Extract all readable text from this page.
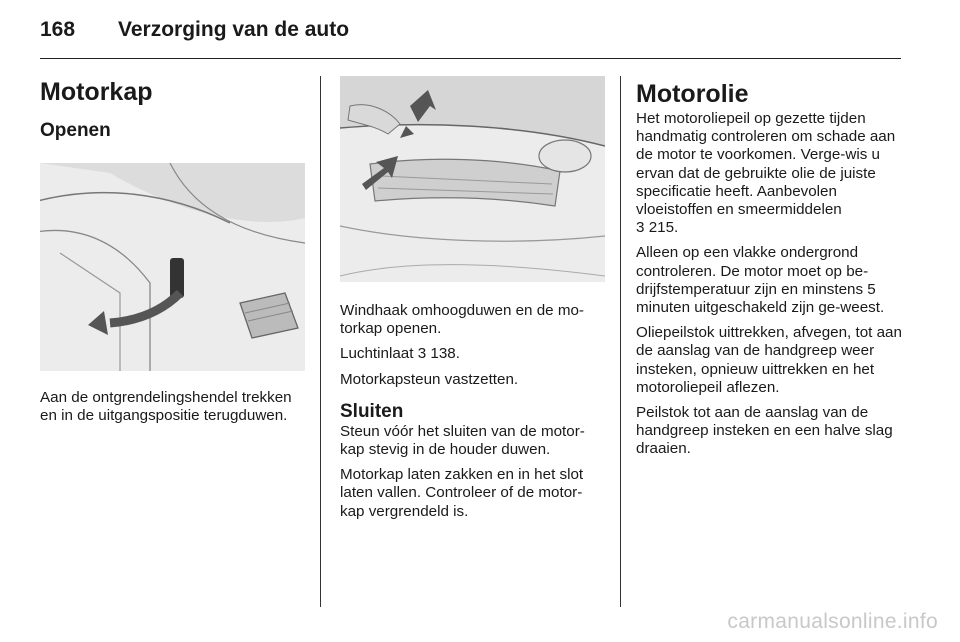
168	Verzorging van de auto
Motorkap
Openen

Aan de ontgrendelingshendel trekken en in de uitgangspositie terugduwen.

Windhaak omhoogduwen en de mo-torkap openen.

Luchtinlaat 3 138.

Motorkapsteun vastzetten.

Sluiten

Steun vóór het sluiten van de motor-kap stevig in de houder duwen.

Motorkap laten zakken en in het slot laten vallen. Controleer of de motor-kap vergrendeld is.

Motorolie

Het motoroliepeil op gezette tijden handmatig controleren om schade aan de motor te voorkomen. Verge-wis u ervan dat de gebruikte olie de juiste specificatie heeft. Aanbevolen vloeistoffen en smeermiddelen
3 215.

Alleen op een vlakke ondergrond controleren. De motor moet op be-drijfstemperatuur zijn en minstens 5 minuten uitgeschakeld zijn ge-weest.

Oliepeilstok uittrekken, afvegen, tot aan de aanslag van de handgreep weer insteken, opnieuw uittrekken en het motoroliepeil aflezen.

Peilstok tot aan de aanslag van de handgreep insteken en een halve slag draaien.

carmanualsonline.info
